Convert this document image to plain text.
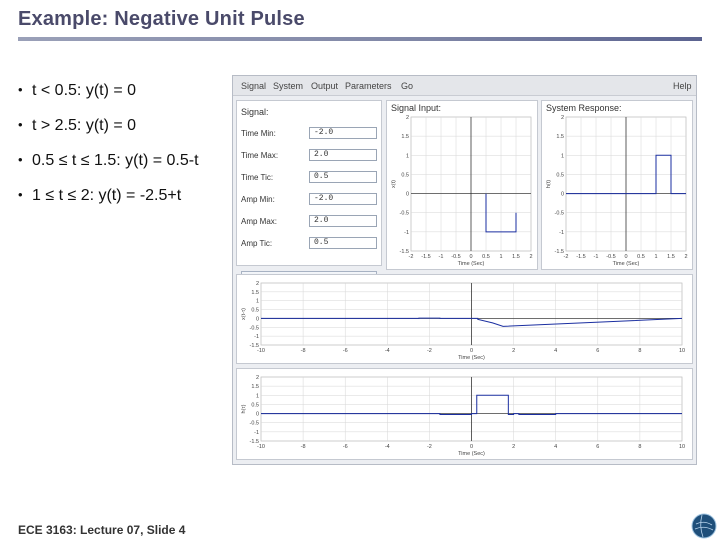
Example: Negative Unit Pulse
• t < 0.5: y(t) = 0
• t > 2.5: y(t) = 0
• 0.5 ≤ t ≤ 1.5: y(t) = 0.5-t
• 1 ≤ t ≤ 2: y(t) = -2.5+t
Signal System Output Parameters Go	Help
Signal:
Time Min:	-2.0
Time Max:	2.0
Time Tic:	0.5
Amp Min:	-2.0
Amp Max:	2.0
Amp Tic:	0.5
Signal Input:
-2 -1.5 -1 -0.5 0 0.5 1 1.5 2
2
1.5
1
0.5
0
-0.5
-1
-1.5
Time (Sec)
x(t)
System Response:
-2 -1.5 -1 -0.5 0 0.5 1 1.5 2
2
1.5
1
0.5
0
-0.5
-1
-1.5
Time (Sec)
h(t)
-10	-8	-6	-4	-2	0	2	4	6	8	10
2
1.5
1
0.5
0
-0.5
-1
-1.5
Time (Sec)
x(t-τ)
-10	-8	-6	-4	-2	0	2	4	6	8	10
2
1.5
1
0.5
0
-0.5
-1
-1.5
Time (Sec)
h(τ)
ECE 3163: Lecture 07, Slide 4
